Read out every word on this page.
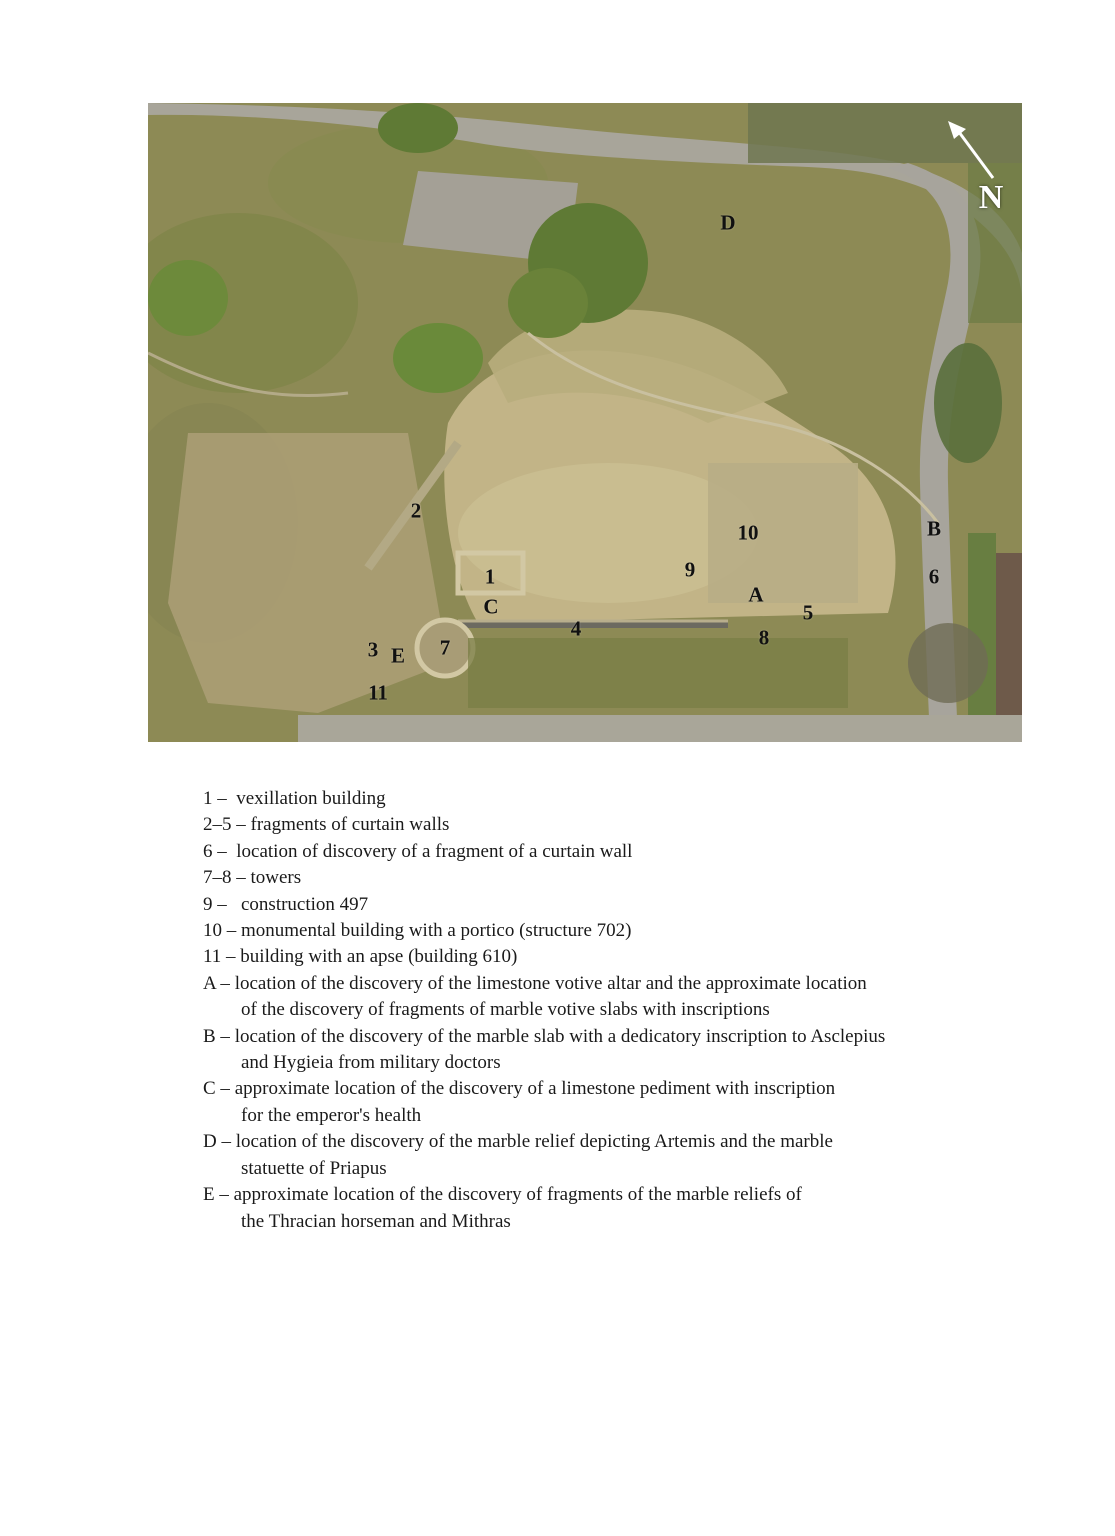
N
D
2
10	B
6
1	9
A
C	5
4	8
7
3 E
11
1 – vexillation building
2–5 – fragments of curtain walls
6 – location of discovery of a fragment of a curtain wall
7–8 – towers
9 – construction 497
10 – monumental building with a portico (structure 702)
11 – building with an apse (building 610)
A – location of the discovery of the limestone votive altar and the approximate location
of the discovery of fragments of marble votive slabs with inscriptions
B – location of the discovery of the marble slab with a dedicatory inscription to Asclepius
and Hygieia from military doctors
C – approximate location of the discovery of a limestone pediment with inscription
for the emperor's health
D – location of the discovery of the marble relief depicting Artemis and the marble
statuette of Priapus
E – approximate location of the discovery of fragments of the marble reliefs of
the Thracian horseman and Mithras
